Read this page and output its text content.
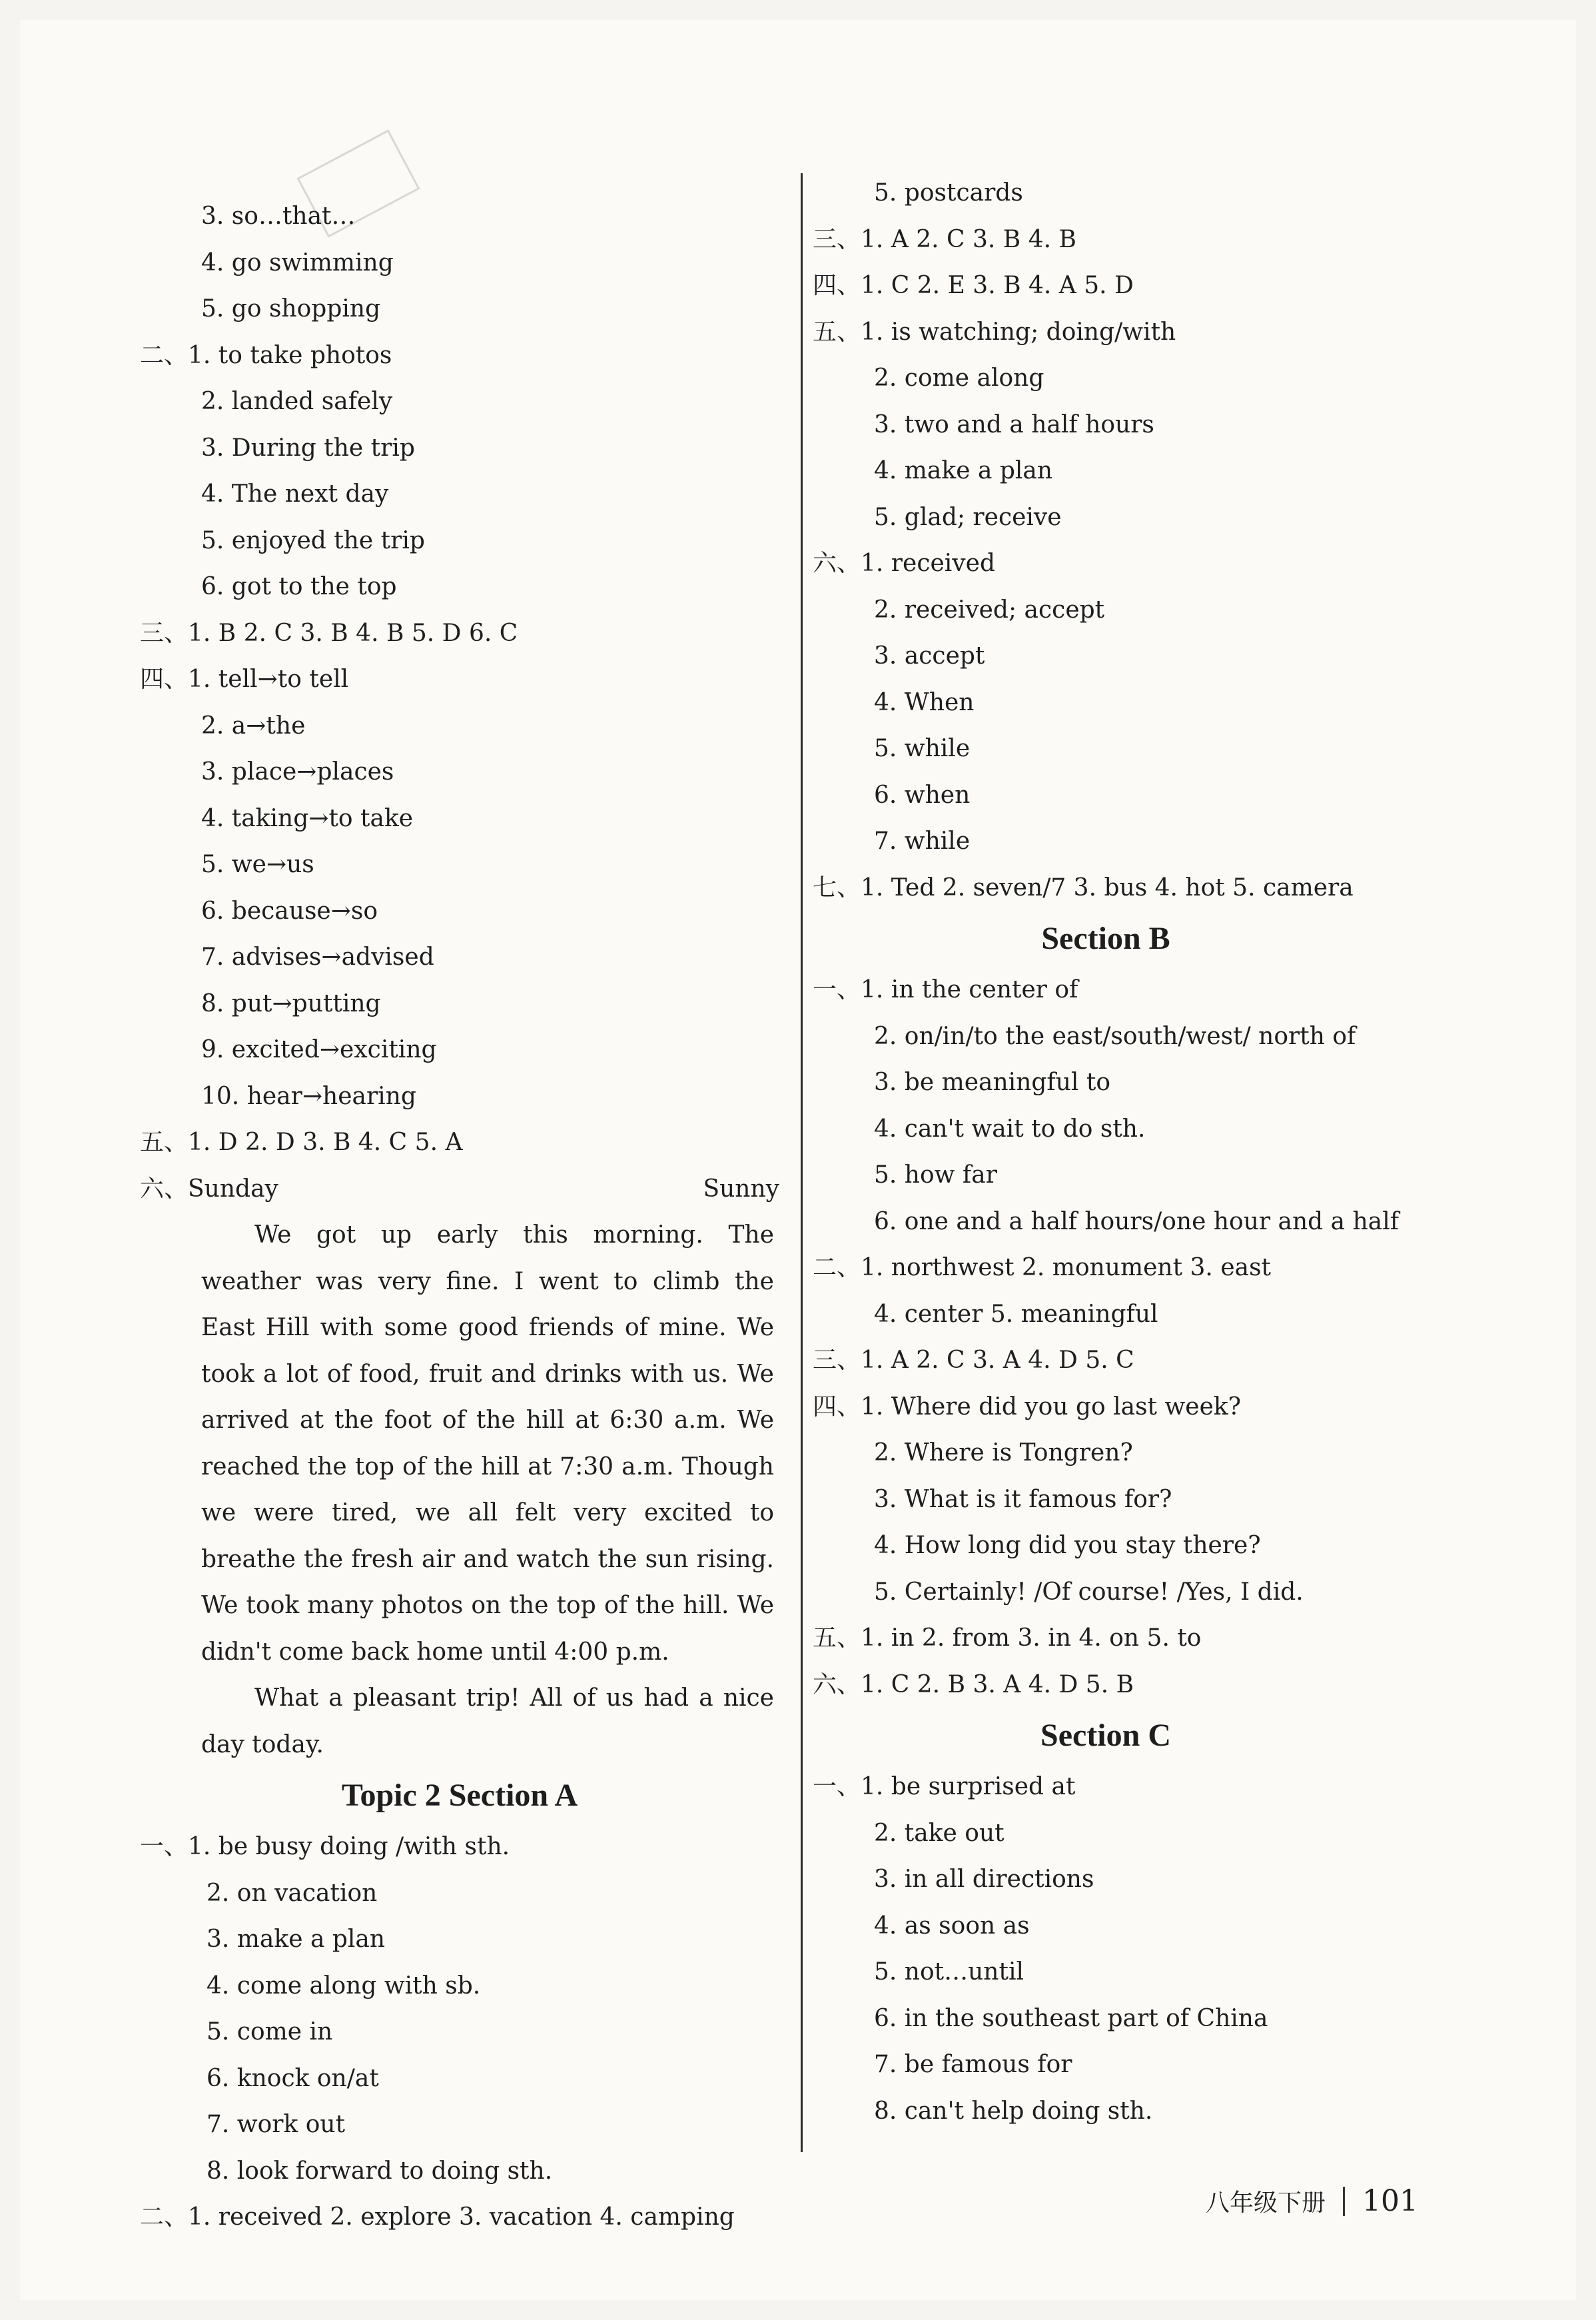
3. so…that…
4. go swimming
5. go shopping
二、1. to take photos
2. landed safely
3. During the trip
4. The next day
5. enjoyed the trip
6. got to the top
三、1. B 2. C 3. B 4. B 5. D 6. C
四、1. tell→to tell
2. a→the
3. place→places
4. taking→to take
5. we→us
6. because→so
7. advises→advised
8. put→putting
9. excited→exciting
10. hear→hearing
五、1. D 2. D 3. B 4. C 5. A
六、Sunday	Sunny

We got up early this morning. The weather was very fine. I went to climb the East Hill with some good friends of mine. We took a lot of food, fruit and drinks with us. We arrived at the foot of the hill at 6:30 a.m. We reached the top of the hill at 7:30 a.m. Though we were tired, we all felt very excited to breathe the fresh air and watch the sun rising. We took many photos on the top of the hill. We didn't come back home until 4:00 p.m.

What a pleasant trip! All of us had a nice day today.

Topic 2 Section A
一、1. be busy doing /with sth.
2. on vacation
3. make a plan
4. come along with sb.
5. come in
6. knock on/at
7. work out
8. look forward to doing sth.
二、1. received 2. explore 3. vacation 4. camping
5. postcards
三、1. A 2. C 3. B 4. B
四、1. C 2. E 3. B 4. A 5. D
五、1. is watching; doing/with
2. come along
3. two and a half hours
4. make a plan
5. glad; receive
六、1. received
2. received; accept
3. accept
4. When
5. while
6. when
7. while
七、1. Ted 2. seven/7 3. bus 4. hot 5. camera
Section B
一、1. in the center of
2. on/in/to the east/south/west/ north of
3. be meaningful to
4. can't wait to do sth.
5. how far
6. one and a half hours/one hour and a half
二、1. northwest 2. monument 3. east
4. center 5. meaningful
三、1. A 2. C 3. A 4. D 5. C
四、1. Where did you go last week?
2. Where is Tongren?
3. What is it famous for?
4. How long did you stay there?
5. Certainly! /Of course! /Yes, I did.
五、1. in 2. from 3. in 4. on 5. to
六、1. C 2. B 3. A 4. D 5. B
Section C
一、1. be surprised at
2. take out
3. in all directions
4. as soon as
5. not…until
6. in the southeast part of China
7. be famous for
8. can't help doing sth.
八年级下册 101
